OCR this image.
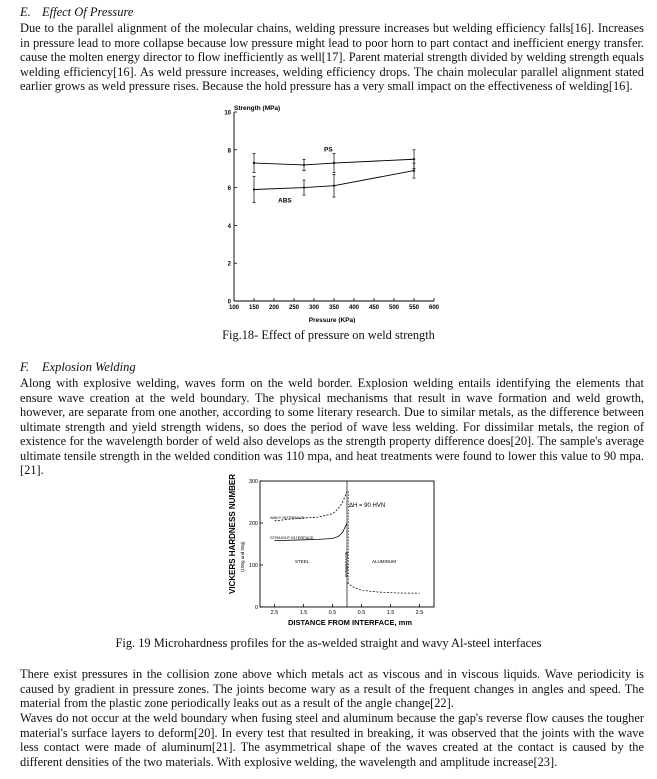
E. Effect Of Pressure

Due to the parallel alignment of the molecular chains, welding pressure increases but welding efficiency falls[16]. Increases in pressure lead to more collapse because low pressure might lead to poor horn to part contact and inefficient energy transfer. cause the molten energy director to flow inefficiently as well[17]. Parent material strength divided by welding strength equals welding efficiency[16]. As weld pressure increases, welding efficiency drops. The chain molecular parallel alignment stated earlier grows as weld pressure rises. Because the hold pressure has a very small impact on the effectiveness of welding[16].

0
2
4
6
8
10
100 150 200 250 300 350 400 450 500 550 600
PS
ABS
Strength (MPa)
Pressure (KPa)

Fig.18- Effect of pressure on weld strength

F. Explosion Welding

Along with explosive welding, waves form on the weld border. Explosion welding entails identifying the elements that ensure wave creation at the weld boundary. The physical mechanisms that result in wave formation and weld growth, however, are separate from one another, according to some literary research. Due to similar metals, as the difference between ultimate strength and yield strength widens, so does the period of wave less welding. For dissimilar metals, the region of existence for the wavelength border of weld also develops as the strength property difference does[20]. The sample's average ultimate tensile strength in the welded condition was 110 mpa, and heat treatments were found to lower this value to 90 mpa.[21].

0
100
200
300
2.5	1.5	0.5	0.5	1.5	2.5
VICKERS HARDNESS NUMBER (100g and 50g)
DISTANCE FROM INTERFACE, mm
ΔH = 90 HVN
STEEL	ALUMINUM
INTERFACE
WAVY INTERFACE
STRAIGHT INTERFACE

Fig. 19 Microhardness profiles for the as-welded straight and wavy Al-steel interfaces

There exist pressures in the collision zone above which metals act as viscous and in viscous liquids. Wave periodicity is caused by gradient in pressure zones. The joints become wary as a result of the frequent changes in angles and speed. The material from the plastic zone periodically leaks out as a result of the angle change[22].

Waves do not occur at the weld boundary when fusing steel and aluminum because the gap's reverse flow causes the tougher material's surface layers to deform[20]. In every test that resulted in breaking, it was observed that the joints with the wave less contact were made of aluminum[21]. The asymmetrical shape of the waves created at the contact is caused by the different densities of the two materials. With explosive welding, the wavelength and amplitude increase[23].
